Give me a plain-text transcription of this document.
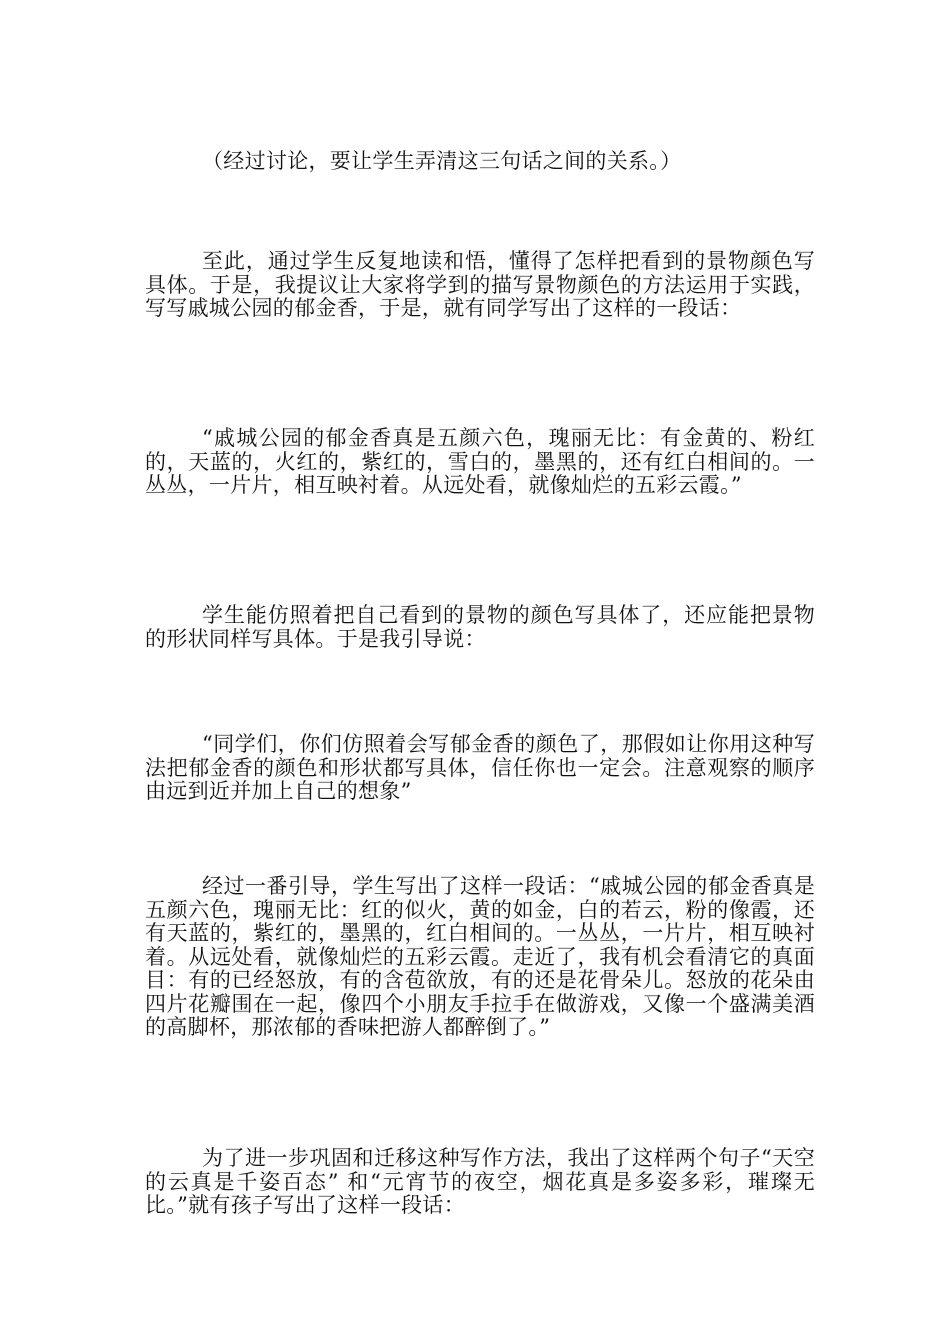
（经过讨论，要让学生弄清这三句话之间的关系。）

至此，通过学生反复地读和悟，懂得了怎样把看到的景物颜色写具体。于是，我提议让大家将学到的描写景物颜色的方法运用于实践，写写戚城公园的郁金香，于是，就有同学写出了这样的一段话：

“戚城公园的郁金香真是五颜六色，瑰丽无比：有金黄的、粉红的，天蓝的，火红的，紫红的，雪白的，墨黑的，还有红白相间的。一丛丛，一片片，相互映衬着。从远处看，就像灿烂的五彩云霞。”

学生能仿照着把自己看到的景物的颜色写具体了，还应能把景物的形状同样写具体。于是我引导说：

“同学们，你们仿照着会写郁金香的颜色了，那假如让你用这种写法把郁金香的颜色和形状都写具体，信任你也一定会。注意观察的顺序由远到近并加上自己的想象”

经过一番引导，学生写出了这样一段话：“戚城公园的郁金香真是五颜六色，瑰丽无比：红的似火，黄的如金，白的若云，粉的像霞，还有天蓝的，紫红的，墨黑的，红白相间的。一丛丛，一片片，相互映衬着。从远处看，就像灿烂的五彩云霞。走近了，我有机会看清它的真面目：有的已经怒放，有的含苞欲放，有的还是花骨朵儿。怒放的花朵由四片花瓣围在一起，像四个小朋友手拉手在做游戏，又像一个盛满美酒的高脚杯，那浓郁的香味把游人都醉倒了。”

为了进一步巩固和迁移这种写作方法，我出了这样两个句子“天空的云真是千姿百态” 和“元宵节的夜空，烟花真是多姿多彩，璀璨无比。”就有孩子写出了这样一段话：
